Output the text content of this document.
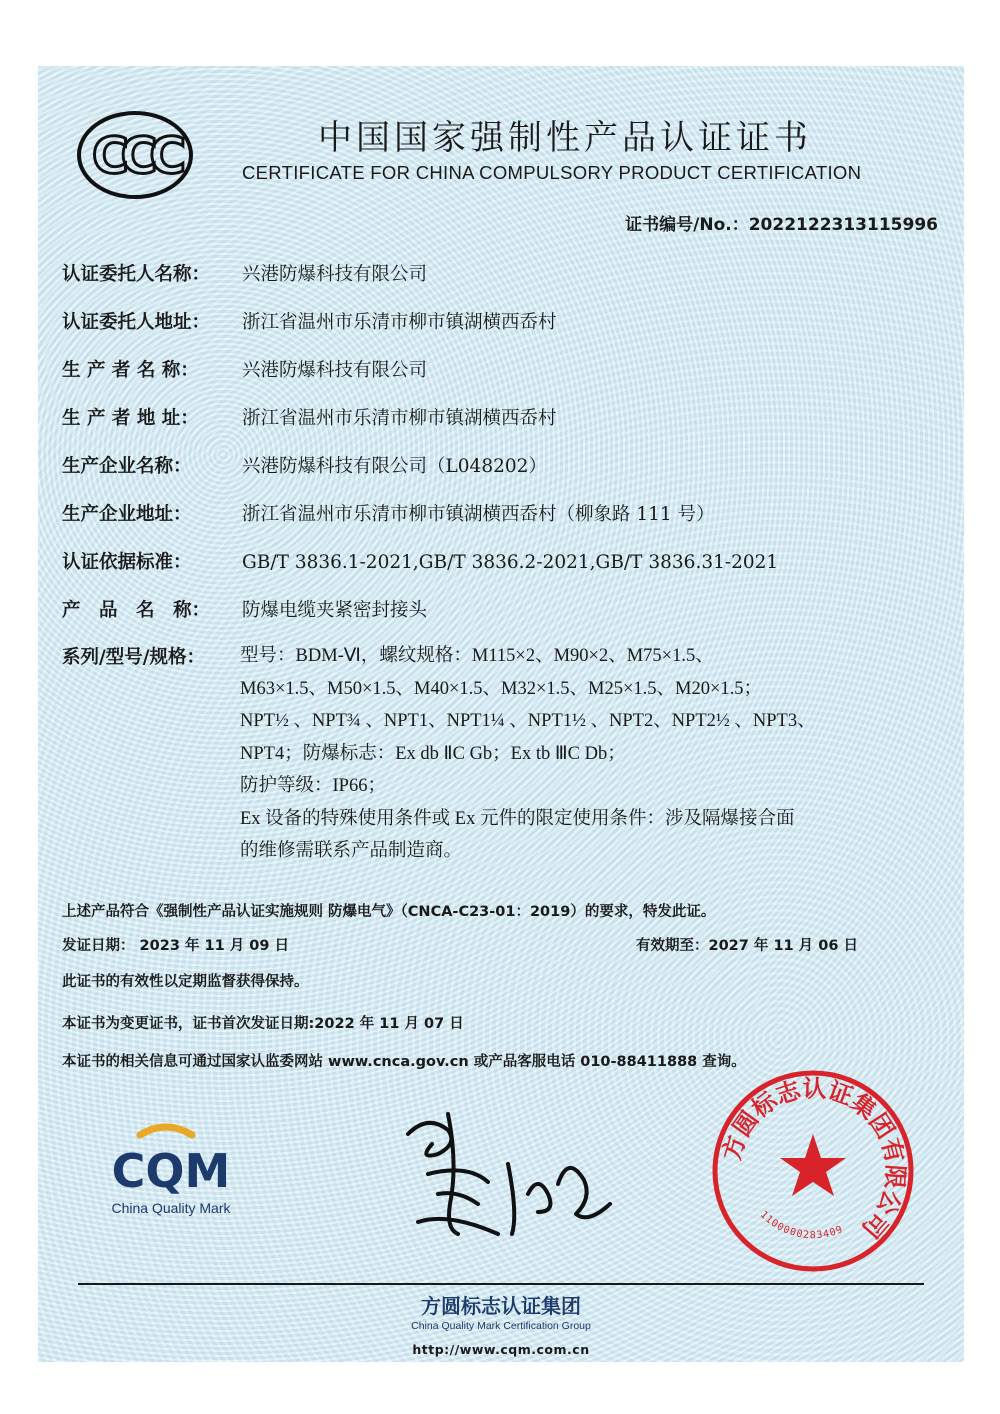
CCC	中国国家强制性产品认证证书
CERTIFICATE FOR CHINA COMPULSORY PRODUCT CERTIFICATION
证书编号/No.：2022122313115996
认证委托人名称： 兴港防爆科技有限公司
认证委托人地址： 浙江省温州市乐清市柳市镇湖横西岙村
生 产 者 名 称： 兴港防爆科技有限公司
生 产 者 地 址： 浙江省温州市乐清市柳市镇湖横西岙村
生产企业名称：	兴港防爆科技有限公司（L048202）
生产企业地址：	浙江省温州市乐清市柳市镇湖横西岙村（柳象路 111 号）
认证依据标准：	GB/T 3836.1-2021,GB/T 3836.2-2021,GB/T 3836.31-2021
产　品　名　称： 防爆电缆夹紧密封接头
系列/型号/规格： 型号：BDM-Ⅵ，螺纹规格：M115×2、M90×2、M75×1.5、
M63×1.5、M50×1.5、M40×1.5、M32×1.5、M25×1.5、M20×1.5；
NPT½ 、NPT¾ 、NPT1、NPT1¼ 、NPT1½ 、NPT2、NPT2½ 、NPT3、
NPT4；防爆标志：Ex db ⅡC Gb；Ex tb ⅢC Db；
防护等级：IP66；
Ex 设备的特殊使用条件或 Ex 元件的限定使用条件：涉及隔爆接合面
的维修需联系产品制造商。
上述产品符合《强制性产品认证实施规则 防爆电气》（CNCA-C23-01：2019）的要求，特发此证。
发证日期： 2023 年 11 月 09 日	有效期至：2027 年 11 月 06 日
此证书的有效性以定期监督获得保持。
本证书为变更证书，证书首次发证日期:2022 年 11 月 07 日
本证书的相关信息可通过国家认监委网站 www.cnca.gov.cn 或产品客服电话 010-88411888 查询。
CQM
China Quality Mark
方圆标志认证集团有限公司
1100000283409
方圆标志认证集团
China Quality Mark Certification Group
http://www.cqm.com.cn
